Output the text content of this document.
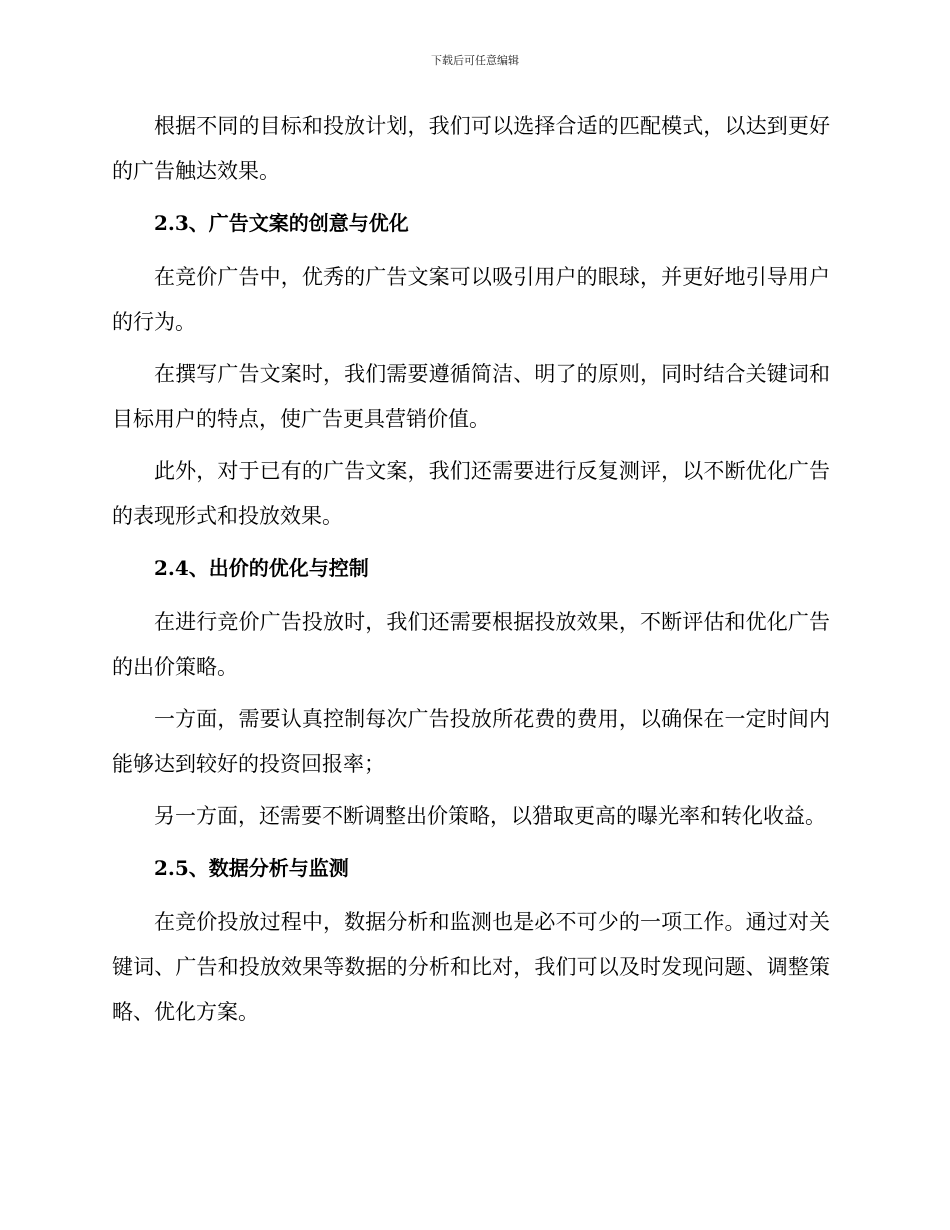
下载后可任意编辑

根据不同的目标和投放计划，我们可以选择合适的匹配模式，以达到更好的广告触达效果。

2.3、广告文案的创意与优化

在竞价广告中，优秀的广告文案可以吸引用户的眼球，并更好地引导用户的行为。

在撰写广告文案时，我们需要遵循简洁、明了的原则，同时结合关键词和目标用户的特点，使广告更具营销价值。

此外，对于已有的广告文案，我们还需要进行反复测评，以不断优化广告的表现形式和投放效果。

2.4、出价的优化与控制

在进行竞价广告投放时，我们还需要根据投放效果，不断评估和优化广告的出价策略。

一方面，需要认真控制每次广告投放所花费的费用，以确保在一定时间内能够达到较好的投资回报率；

另一方面，还需要不断调整出价策略，以猎取更高的曝光率和转化收益。

2.5、数据分析与监测

在竞价投放过程中，数据分析和监测也是必不可少的一项工作。通过对关键词、广告和投放效果等数据的分析和比对，我们可以及时发现问题、调整策略、优化方案。
